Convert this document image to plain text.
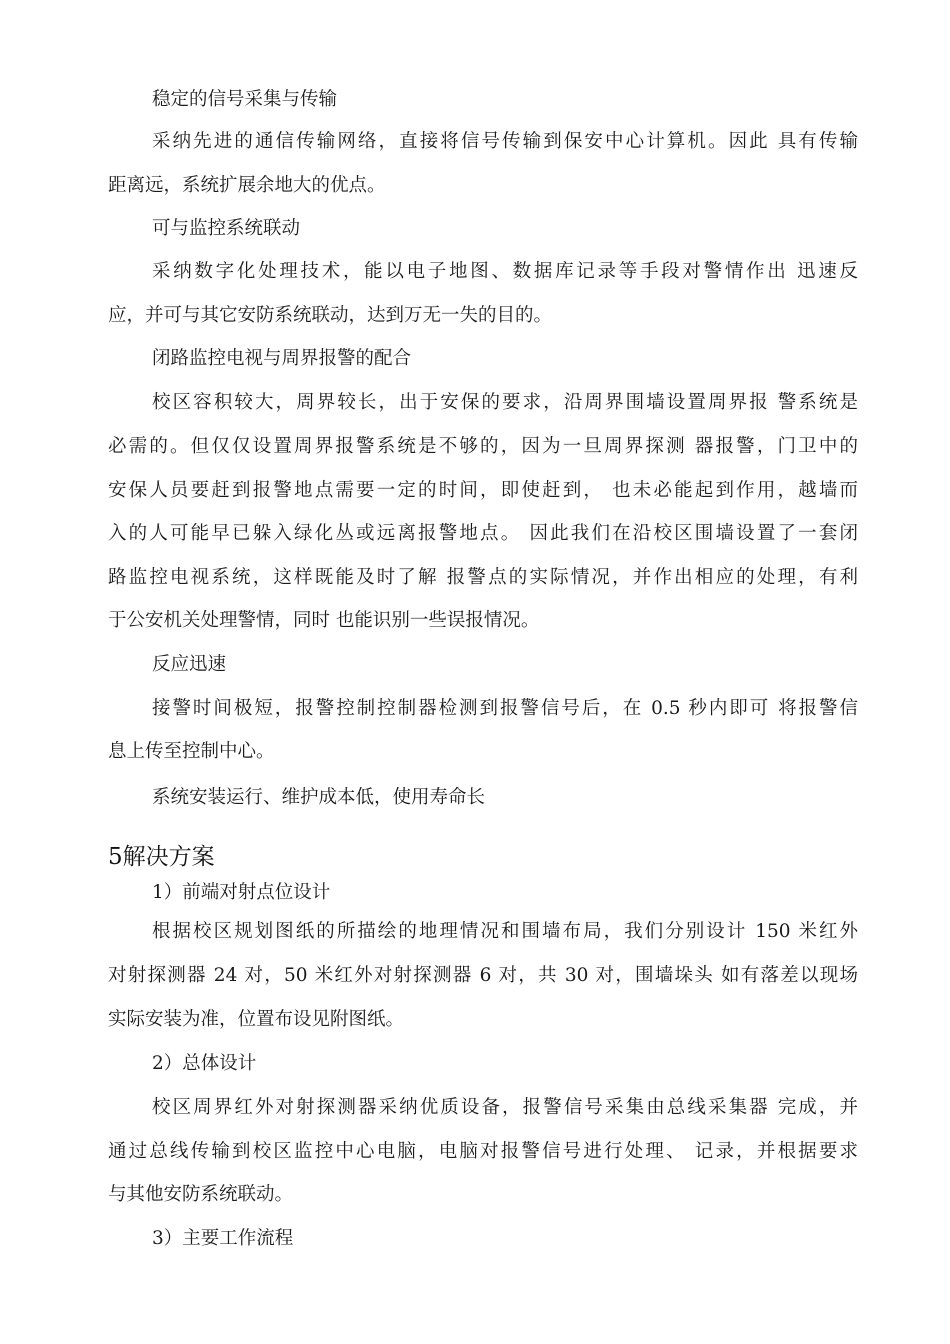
稳定的信号采集与传输
采纳先进的通信传输网络，直接将信号传输到保安中心计算机。因此 具有传输
距离远，系统扩展余地大的优点。
可与监控系统联动
采纳数字化处理技术，能以电子地图、数据库记录等手段对警情作出 迅速反
应，并可与其它安防系统联动，达到万无一失的目的。
闭路监控电视与周界报警的配合
校区容积较大，周界较长，出于安保的要求，沿周界围墙设置周界报 警系统是
必需的。但仅仅设置周界报警系统是不够的，因为一旦周界探测 器报警，门卫中的
安保人员要赶到报警地点需要一定的时间，即使赶到， 也未必能起到作用，越墙而
入的人可能早已躲入绿化丛或远离报警地点。 因此我们在沿校区围墙设置了一套闭
路监控电视系统，这样既能及时了解 报警点的实际情况，并作出相应的处理，有利
于公安机关处理警情，同时 也能识别一些误报情况。
反应迅速
接警时间极短，报警控制控制器检测到报警信号后，在 0.5 秒内即可 将报警信
息上传至控制中心。
系统安装运行、维护成本低，使用寿命长
5解决方案
1）前端对射点位设计
根据校区规划图纸的所描绘的地理情况和围墙布局，我们分别设计 150 米红外
对射探测器 24 对，50 米红外对射探测器 6 对，共 30 对，围墙垛头 如有落差以现场
实际安装为准，位置布设见附图纸。
2）总体设计
校区周界红外对射探测器采纳优质设备，报警信号采集由总线采集器 完成，并
通过总线传输到校区监控中心电脑，电脑对报警信号进行处理、 记录，并根据要求
与其他安防系统联动。
3）主要工作流程
